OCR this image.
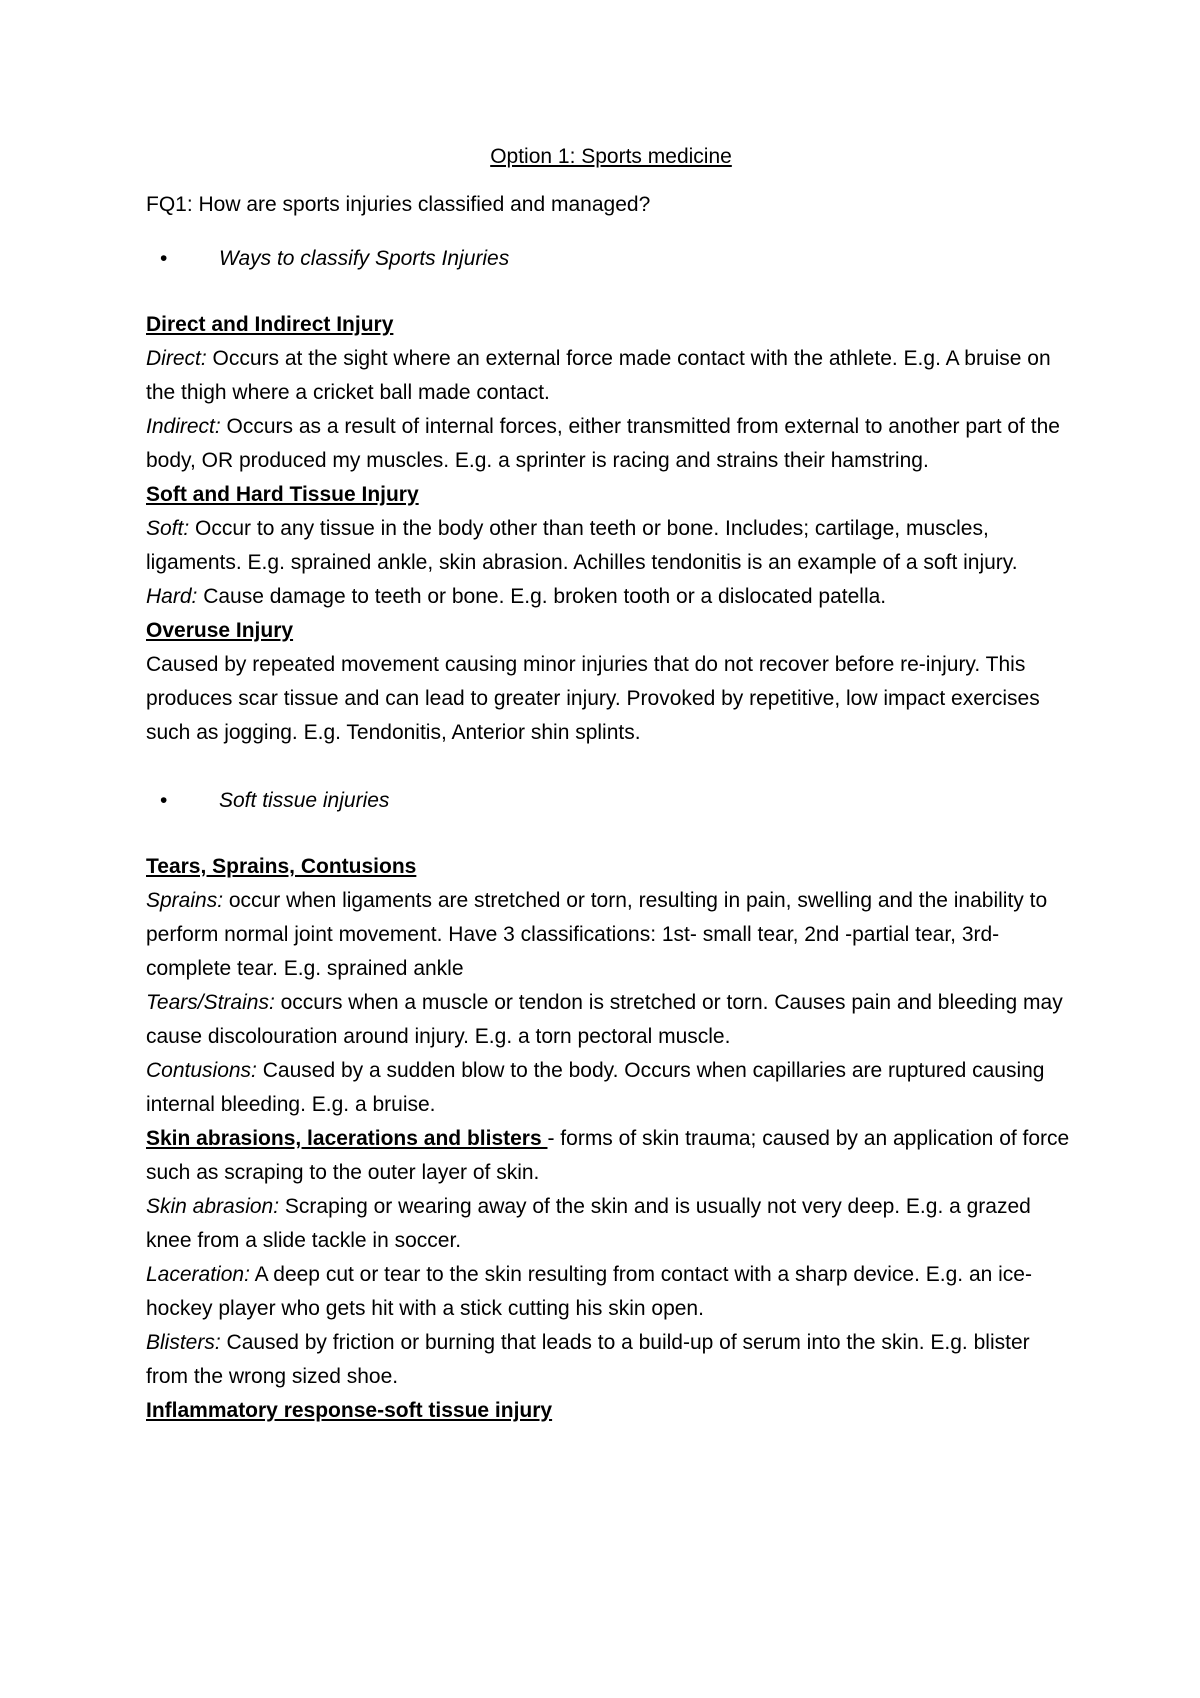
Option 1: Sports medicine

FQ1: How are sports injuries classified and managed?

• Ways to classify Sports Injuries

Direct and Indirect Injury

Direct: Occurs at the sight where an external force made contact with the athlete. E.g. A bruise on the thigh where a cricket ball made contact.

Indirect: Occurs as a result of internal forces, either transmitted from external to another part of the body, OR produced my muscles. E.g. a sprinter is racing and strains their hamstring.

Soft and Hard Tissue Injury

Soft: Occur to any tissue in the body other than teeth or bone. Includes; cartilage, muscles, ligaments. E.g. sprained ankle, skin abrasion. Achilles tendonitis is an example of a soft injury.

Hard: Cause damage to teeth or bone. E.g. broken tooth or a dislocated patella.

Overuse Injury

Caused by repeated movement causing minor injuries that do not recover before re-injury. This produces scar tissue and can lead to greater injury. Provoked by repetitive, low impact exercises such as jogging. E.g. Tendonitis, Anterior shin splints.

• Soft tissue injuries

Tears, Sprains, Contusions

Sprains: occur when ligaments are stretched or torn, resulting in pain, swelling and the inability to perform normal joint movement. Have 3 classifications: 1st- small tear, 2nd -partial tear, 3rd- complete tear. E.g. sprained ankle

Tears/Strains: occurs when a muscle or tendon is stretched or torn. Causes pain and bleeding may cause discolouration around injury. E.g. a torn pectoral muscle.

Contusions: Caused by a sudden blow to the body. Occurs when capillaries are ruptured causing internal bleeding. E.g. a bruise.

Skin abrasions, lacerations and blisters - forms of skin trauma; caused by an application of force such as scraping to the outer layer of skin.

Skin abrasion: Scraping or wearing away of the skin and is usually not very deep. E.g. a grazed knee from a slide tackle in soccer.

Laceration: A deep cut or tear to the skin resulting from contact with a sharp device. E.g. an ice-hockey player who gets hit with a stick cutting his skin open.

Blisters: Caused by friction or burning that leads to a build-up of serum into the skin. E.g. blister from the wrong sized shoe.

Inflammatory response-soft tissue injury
